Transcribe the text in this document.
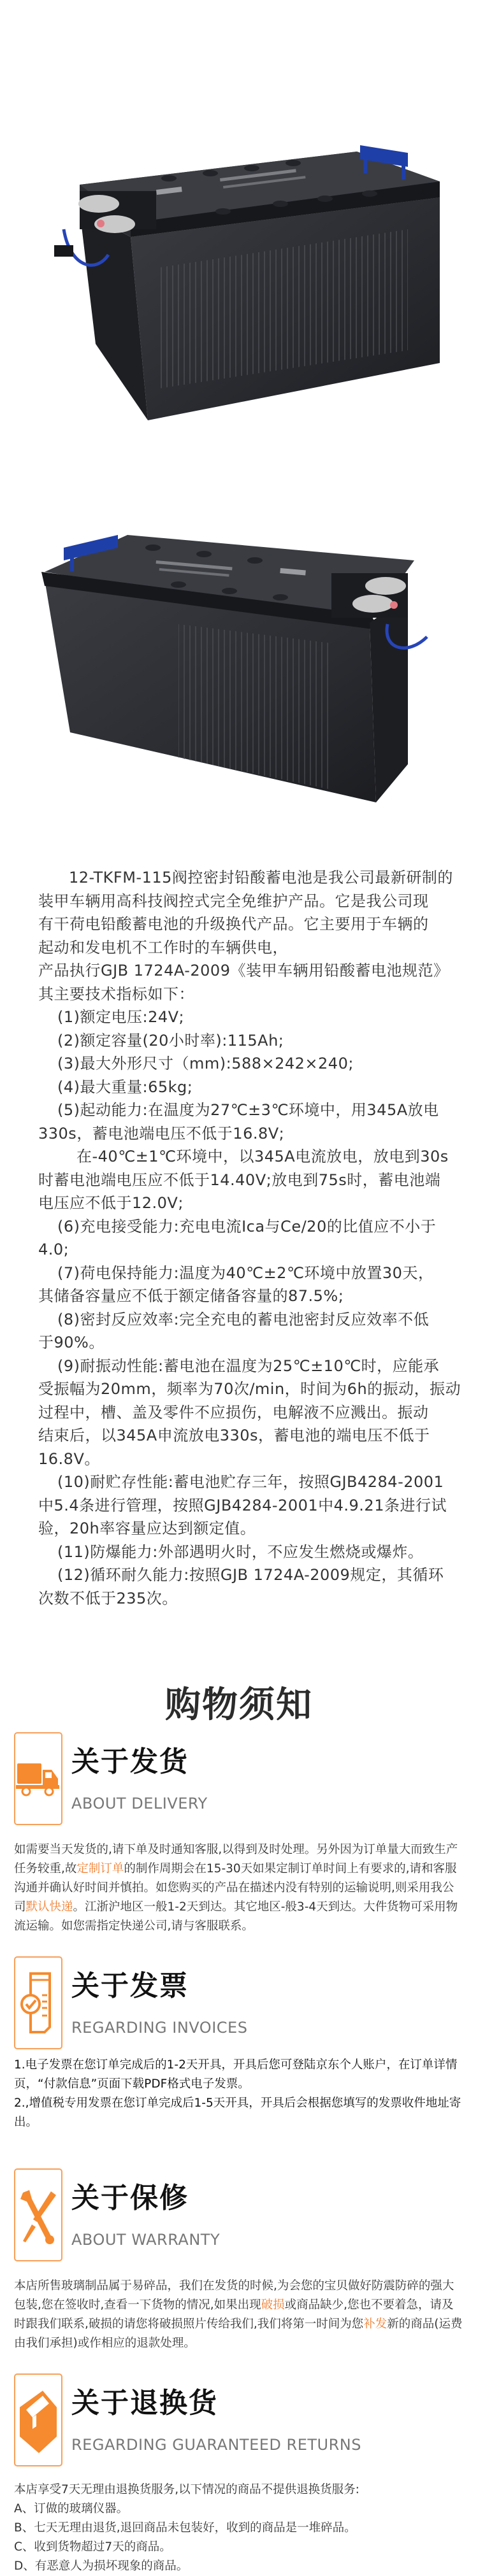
12-TKFM-115阀控密封铅酸蓄电池是我公司最新研制的

装甲车辆用高科技阀控式完全免维护产品。它是我公司现

有干荷电铅酸蓄电池的升级换代产品。它主要用于车辆的

起动和发电机不工作时的车辆供电，

产品执行GJB 1724A-2009《装甲车辆用铅酸蓄电池规范》

其主要技术指标如下：

(1)额定电压:24V;

(2)额定容量(20小时率):115Ah;

(3)最大外形尺寸（mm):588×242×240;

(4)最大重量:65kg;

(5)起动能力:在温度为27℃±3℃环境中，用345A放电

330s，蓄电池端电压不低于16.8V;

在-40℃±1℃环境中，以345A电流放电，放电到30s

时蓄电池端电压应不低于14.40V;放电到75s时，蓄电池端

电压应不低于12.0V;

(6)充电接受能力:充电电流Ica与Ce/20的比值应不小于

4.0;

(7)荷电保持能力:温度为40℃±2℃环境中放置30天，

其储备容量应不低于额定储备容量的87.5%;

(8)密封反应效率:完全充电的蓄电池密封反应效率不低

于90%。

(9)耐振动性能:蓄电池在温度为25℃±10℃时，应能承

受振幅为20mm，频率为70次/min，时间为6h的振动，振动

过程中，槽、盖及零件不应损伤，电解液不应溅出。振动

结束后，以345A申流放电330s，蓄电池的端电压不低于

16.8V。

(10)耐贮存性能:蓄电池贮存三年，按照GJB4284-2001

中5.4条进行管理，按照GJB4284-2001中4.9.21条进行试

验，20h率容量应达到额定值。

(11)防爆能力:外部遇明火时，不应发生燃烧或爆炸。

(12)循环耐久能力:按照GJB 1724A-2009规定，其循环

次数不低于235次。

购物须知
关于发货
ABOUT DELIVERY

如需要当天发货的,请下单及时通知客服,以得到及时处理。另外因为订单量大而致生产任务较重,故定制订单的制作周期会在15-30天如果定制订单时间上有要求的,请和客服沟通并确认好时间并慎拍。如您购买的产品在描述内没有特别的运输说明,则采用我公司默认快递。江浙沪地区一般1-2天到达。其它地区-般3-4天到达。大件货物可采用物流运输。如您需指定快递公司,请与客服联系。

关于发票
REGARDING INVOICES

1.电子发票在您订单完成后的1-2天开具，开具后您可登陆京东个人账户，在订单详情页，“付款信息”页面下载PDF格式电子发票。

2.,增值税专用发票在您订单完成后1-5天开具，开具后会根据您填写的发票收件地址寄出。

关于保修
ABOUT WARRANTY

本店所售玻璃制品属于易碎品，我们在发货的时候,为会您的宝贝做好防震防碎的强大包装,您在签收时,查看一下货物的情况,如果出现破损或商品缺少,您也不要着急，请及时跟我们联系,破损的请您将破损照片传给我们,我们将第一时间为您补发新的商品(运费由我们承担)或作相应的退款处理。

关于退换货
REGARDING GUARANTEED RETURNS

本店享受7天无理由退换货服务,以下情况的商品不提供退换货服务:

A、订做的玻璃仪器。

B、七天无理由退货,退回商品未包装好，收到的商品是一堆碎品。

C、收到货物超过7天的商品。

D、有恶意人为损坏现象的商品。
